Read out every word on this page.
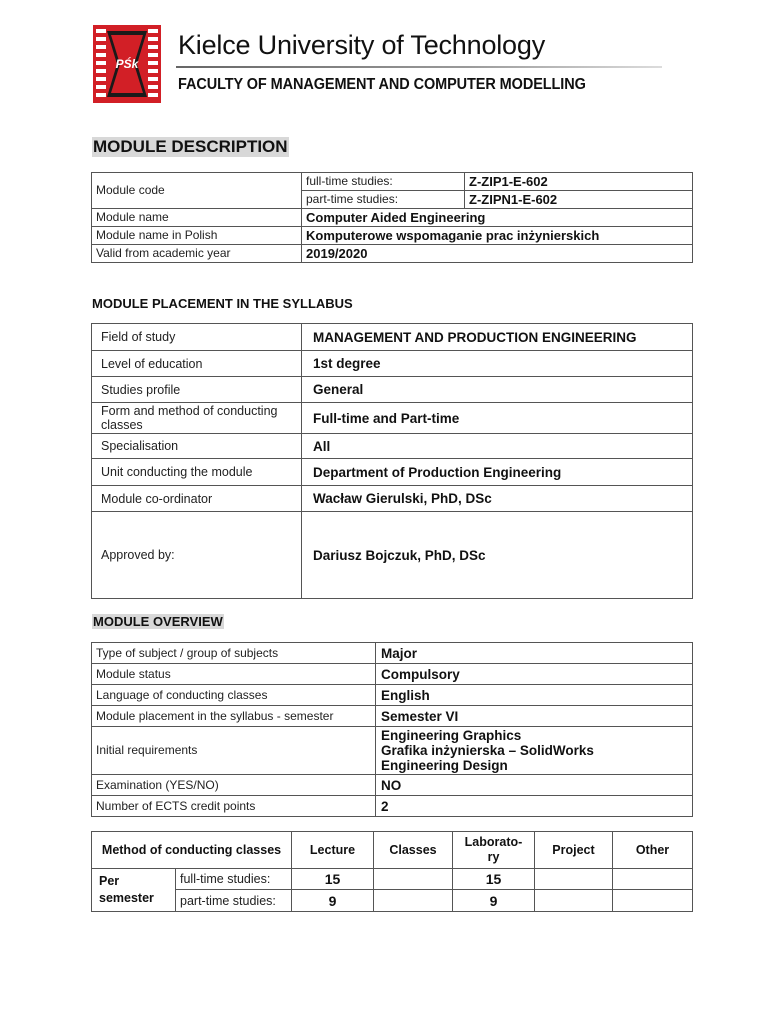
PŚk
Kielce University of Technology
FACULTY OF MANAGEMENT AND COMPUTER MODELLING
MODULE DESCRIPTION
Module code	full-time studies:	Z-ZIP1-E-602
	part-time studies:	Z-ZIPN1-E-602
Module name	Computer Aided Engineering	
Module name in Polish	Komputerowe wspomaganie prac inżynierskich	
Valid from academic year	2019/2020	
MODULE PLACEMENT IN THE SYLLABUS
Field of study	MANAGEMENT AND PRODUCTION ENGINEERING
Level of education	1st degree
Studies profile	General
Form and method of conducting classes	Full-time and Part-time
Specialisation	All
Unit conducting the module	Department of Production Engineering
Module co-ordinator	Wacław Gierulski, PhD, DSc
Approved by:	Dariusz Bojczuk, PhD, DSc
MODULE OVERVIEW
Type of subject / group of subjects	Major
Module status	Compulsory
Language of conducting classes	English
Module placement in the syllabus - semester	Semester VI
Initial requirements	Engineering Graphics
Grafika inżynierska – SolidWorks
Engineering Design
Examination (YES/NO)	NO
Number of ECTS credit points	2
Method of conducting classes		Lecture	Classes	Laborato-
ry	Project	Other
Per
semester	full-time studies:	15		15		
	part-time studies:	9		9		
